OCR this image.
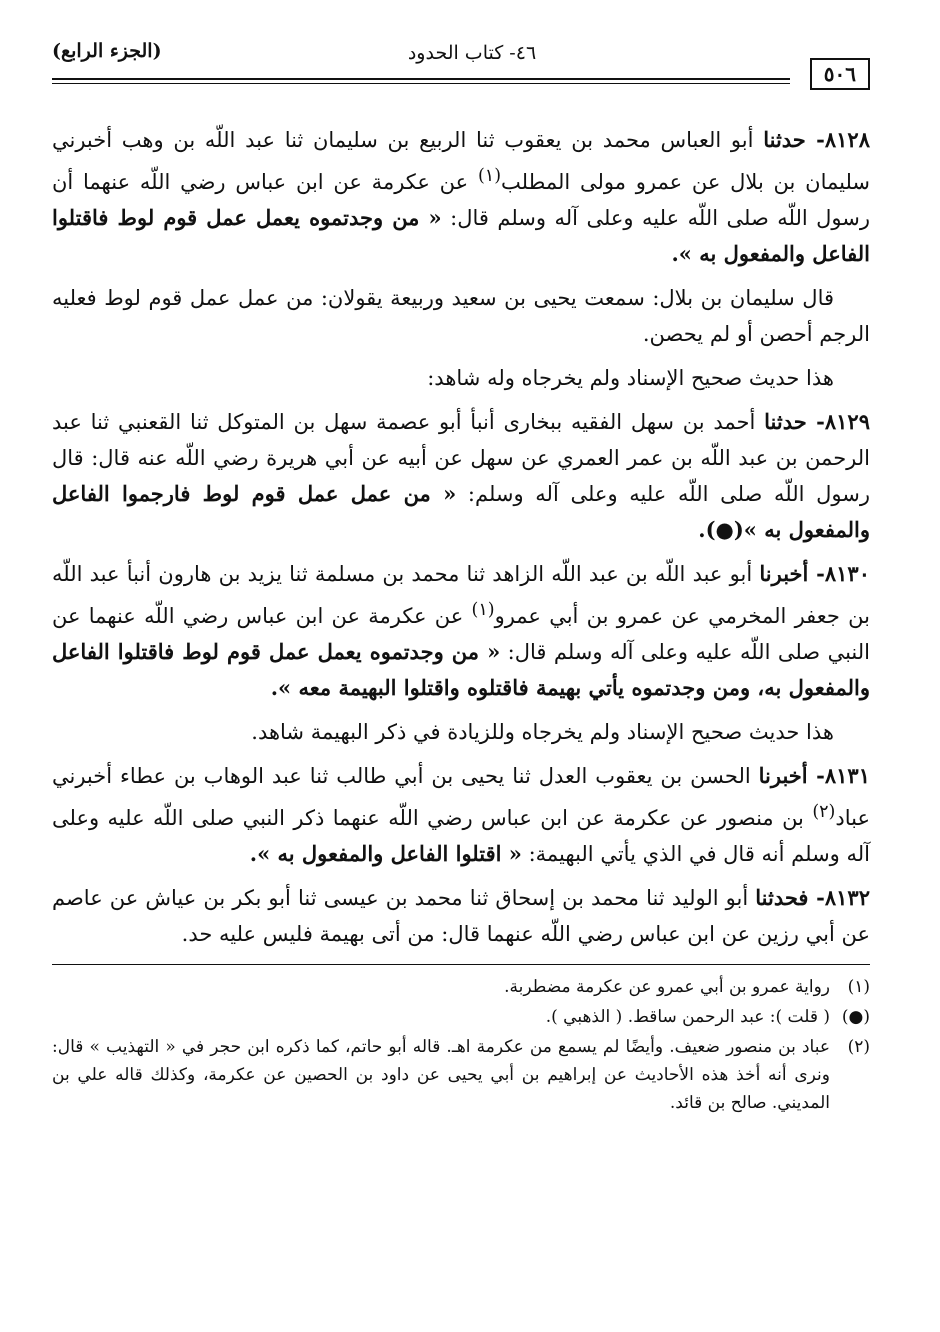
(الجزء الرابع)	٤٦- كتاب الحدود
٥٠٦

٨١٢٨- حدثنا أبو العباس محمد بن يعقوب ثنا الربيع بن سليمان ثنا عبد اللّه بن وهب أخبرني سليمان بن بلال عن عمرو مولى المطلب$^{(١)}$ عن عكرمة عن ابن عباس رضي اللّه عنهما أن رسول اللّه صلى اللّه عليه وعلى آله وسلم قال: « من وجدتموه يعمل عمل قوم لوط فاقتلوا الفاعل والمفعول به ».

قال سليمان بن بلال: سمعت يحيى بن سعيد وربيعة يقولان: من عمل عمل قوم لوط فعليه الرجم أحصن أو لم يحصن.

هذا حديث صحيح الإسناد ولم يخرجاه وله شاهد:

٨١٢٩- حدثنا أحمد بن سهل الفقيه ببخارى أنبأ أبو عصمة سهل بن المتوكل ثنا القعنبي ثنا عبد الرحمن بن عبد اللّه بن عمر العمري عن سهل عن أبيه عن أبي هريرة رضي اللّه عنه قال: قال رسول اللّه صلى اللّه عليه وعلى آله وسلم: « من عمل عمل قوم لوط فارجموا الفاعل والمفعول به »(●).

٨١٣٠- أخبرنا أبو عبد اللّه بن عبد اللّه الزاهد ثنا محمد بن مسلمة ثنا يزيد بن هارون أنبأ عبد اللّه بن جعفر المخرمي عن عمرو بن أبي عمرو$^{(١)}$ عن عكرمة عن ابن عباس رضي اللّه عنهما عن النبي صلى اللّه عليه وعلى آله وسلم قال: « من وجدتموه يعمل عمل قوم لوط فاقتلوا الفاعل والمفعول به، ومن وجدتموه يأتي بهيمة فاقتلوه واقتلوا البهيمة معه ».

هذا حديث صحيح الإسناد ولم يخرجاه وللزيادة في ذكر البهيمة شاهد.

٨١٣١- أخبرنا الحسن بن يعقوب العدل ثنا يحيى بن أبي طالب ثنا عبد الوهاب بن عطاء أخبرني عباد$^{(٢)}$ بن منصور عن عكرمة عن ابن عباس رضي اللّه عنهما ذكر النبي صلى اللّه عليه وعلى آله وسلم أنه قال في الذي يأتي البهيمة: « اقتلوا الفاعل والمفعول به ».

٨١٣٢- فحدثنا أبو الوليد ثنا محمد بن إسحاق ثنا محمد بن عيسى ثنا أبو بكر بن عياش عن عاصم عن أبي رزين عن ابن عباس رضي اللّه عنهما قال: من أتى بهيمة فليس عليه حد.

(١)
رواية عمرو بن أبي عمرو عن عكرمة مضطربة.
(●)
( قلت ): عبد الرحمن ساقط. ( الذهبي ).
(٢)
عباد بن منصور ضعيف. وأيضًا لم يسمع من عكرمة اهـ. قاله أبو حاتم، كما ذكره ابن حجر في « التهذيب » قال: ونرى أنه أخذ هذه الأحاديث عن إبراهيم بن أبي يحيى عن داود بن الحصين عن عكرمة، وكذلك قاله علي بن المديني. صالح بن قائد.
